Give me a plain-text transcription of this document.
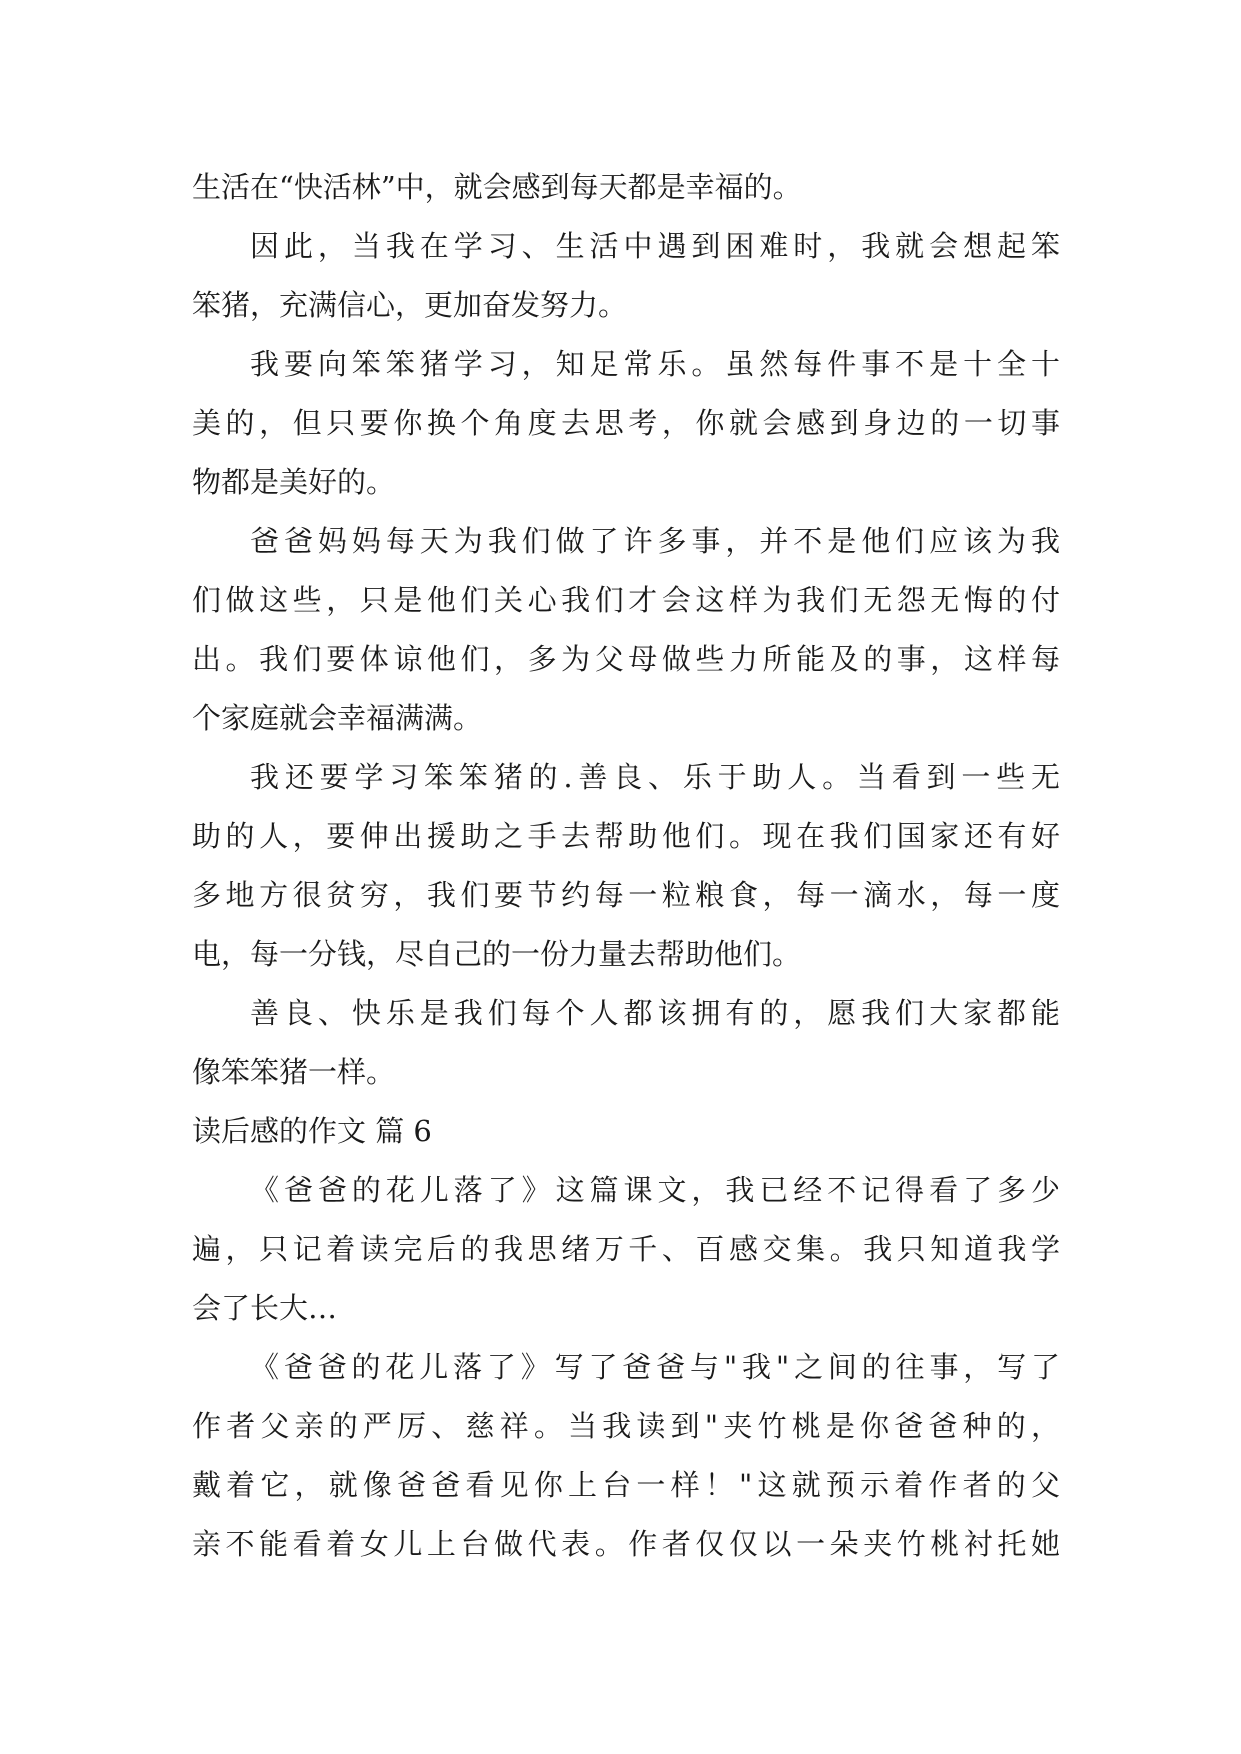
生活在“快活林”中，就会感到每天都是幸福的。
因此，当我在学习、生活中遇到困难时，我就会想起笨
笨猪，充满信心，更加奋发努力。
我要向笨笨猪学习，知足常乐。虽然每件事不是十全十
美的，但只要你换个角度去思考，你就会感到身边的一切事
物都是美好的。
爸爸妈妈每天为我们做了许多事，并不是他们应该为我
们做这些，只是他们关心我们才会这样为我们无怨无悔的付
出。我们要体谅他们，多为父母做些力所能及的事，这样每
个家庭就会幸福满满。
我还要学习笨笨猪的.善良、乐于助人。当看到一些无
助的人，要伸出援助之手去帮助他们。现在我们国家还有好
多地方很贫穷，我们要节约每一粒粮食，每一滴水，每一度
电，每一分钱，尽自己的一份力量去帮助他们。
善良、快乐是我们每个人都该拥有的，愿我们大家都能
像笨笨猪一样。
读后感的作文 篇 6
《爸爸的花儿落了》这篇课文，我已经不记得看了多少
遍，只记着读完后的我思绪万千、百感交集。我只知道我学
会了长大…
《爸爸的花儿落了》写了爸爸与"我"之间的往事，写了
作者父亲的严厉、慈祥。当我读到"夹竹桃是你爸爸种的，
戴着它，就像爸爸看见你上台一样！"这就预示着作者的父
亲不能看着女儿上台做代表。作者仅仅以一朵夹竹桃衬托她
